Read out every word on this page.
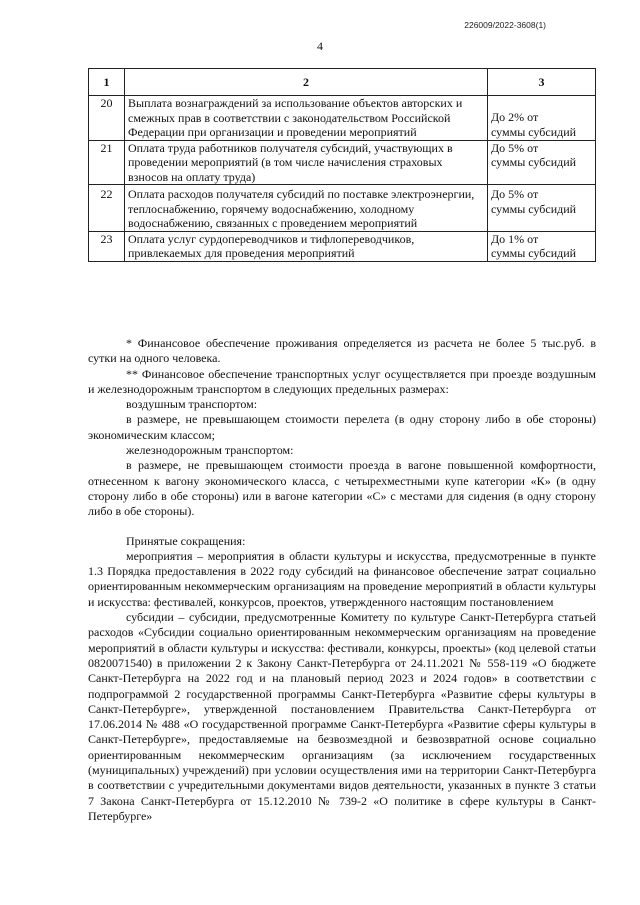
226009/2022-3608(1)
4
1	2	3
20	Выплата вознаграждений за использование объектов авторских и смежных прав в соответствии с законодательством Российской Федерации при организации и проведении мероприятий	До 2% от
суммы субсидий

21	Оплата труда работников получателя субсидий, участвующих в проведении мероприятий (в том числе начисления страховых взносов на оплату труда)	До 5% от
суммы субсидий

22	Оплата расходов получателя субсидий по поставке электроэнергии, теплоснабжению, горячему водоснабжению, холодному водоснабжению, связанных с проведением мероприятий	До 5% от
суммы субсидий

23	Оплата услуг сурдопереводчиков и тифлопереводчиков, привлекаемых для проведения мероприятий	До 1% от
суммы субсидий

* Финансовое обеспечение проживания определяется из расчета не более 5 тыс.руб. в сутки на одного человека.

** Финансовое обеспечение транспортных услуг осуществляется при проезде воздушным и железнодорожным транспортом в следующих предельных размерах:

воздушным транспортом:

в размере, не превышающем стоимости перелета (в одну сторону либо в обе стороны) экономическим классом;

железнодорожным транспортом:

в размере, не превышающем стоимости проезда в вагоне повышенной комфортности, отнесенном к вагону экономического класса, с четырехместными купе категории «К» (в одну сторону либо в обе стороны) или в вагоне категории «С» с местами для сидения (в одну сторону либо в обе стороны).

Принятые сокращения:

мероприятия – мероприятия в области культуры и искусства, предусмотренные в пункте 1.3 Порядка предоставления в 2022 году субсидий на финансовое обеспечение затрат социально ориентированным некоммерческим организациям на проведение мероприятий в области культуры и искусства: фестивалей, конкурсов, проектов, утвержденного настоящим постановлением

субсидии – субсидии, предусмотренные Комитету по культуре Санкт-Петербурга статьей расходов «Субсидии социально ориентированным некоммерческим организациям на проведение мероприятий в области культуры и искусства: фестивали, конкурсы, проекты» (код целевой статьи 0820071540) в приложении 2 к Закону Санкт-Петербурга от 24.11.2021 № 558-119 «О бюджете Санкт-Петербурга на 2022 год и на плановый период 2023 и 2024 годов» в соответствии с подпрограммой 2 государственной программы Санкт-Петербурга «Развитие сферы культуры в Санкт-Петербурге», утвержденной постановлением Правительства Санкт-Петербурга от 17.06.2014 № 488 «О государственной программе Санкт-Петербурга «Развитие сферы культуры в Санкт-Петербурге», предоставляемые на безвозмездной и безвозвратной основе социально ориентированным некоммерческим организациям (за исключением государственных (муниципальных) учреждений) при условии осуществления ими на территории Санкт-Петербурга в соответствии с учредительными документами видов деятельности, указанных в пункте 3 статьи 7 Закона Санкт-Петербурга от 15.12.2010 № 739-2 «О политике в сфере культуры в Санкт-Петербурге»
